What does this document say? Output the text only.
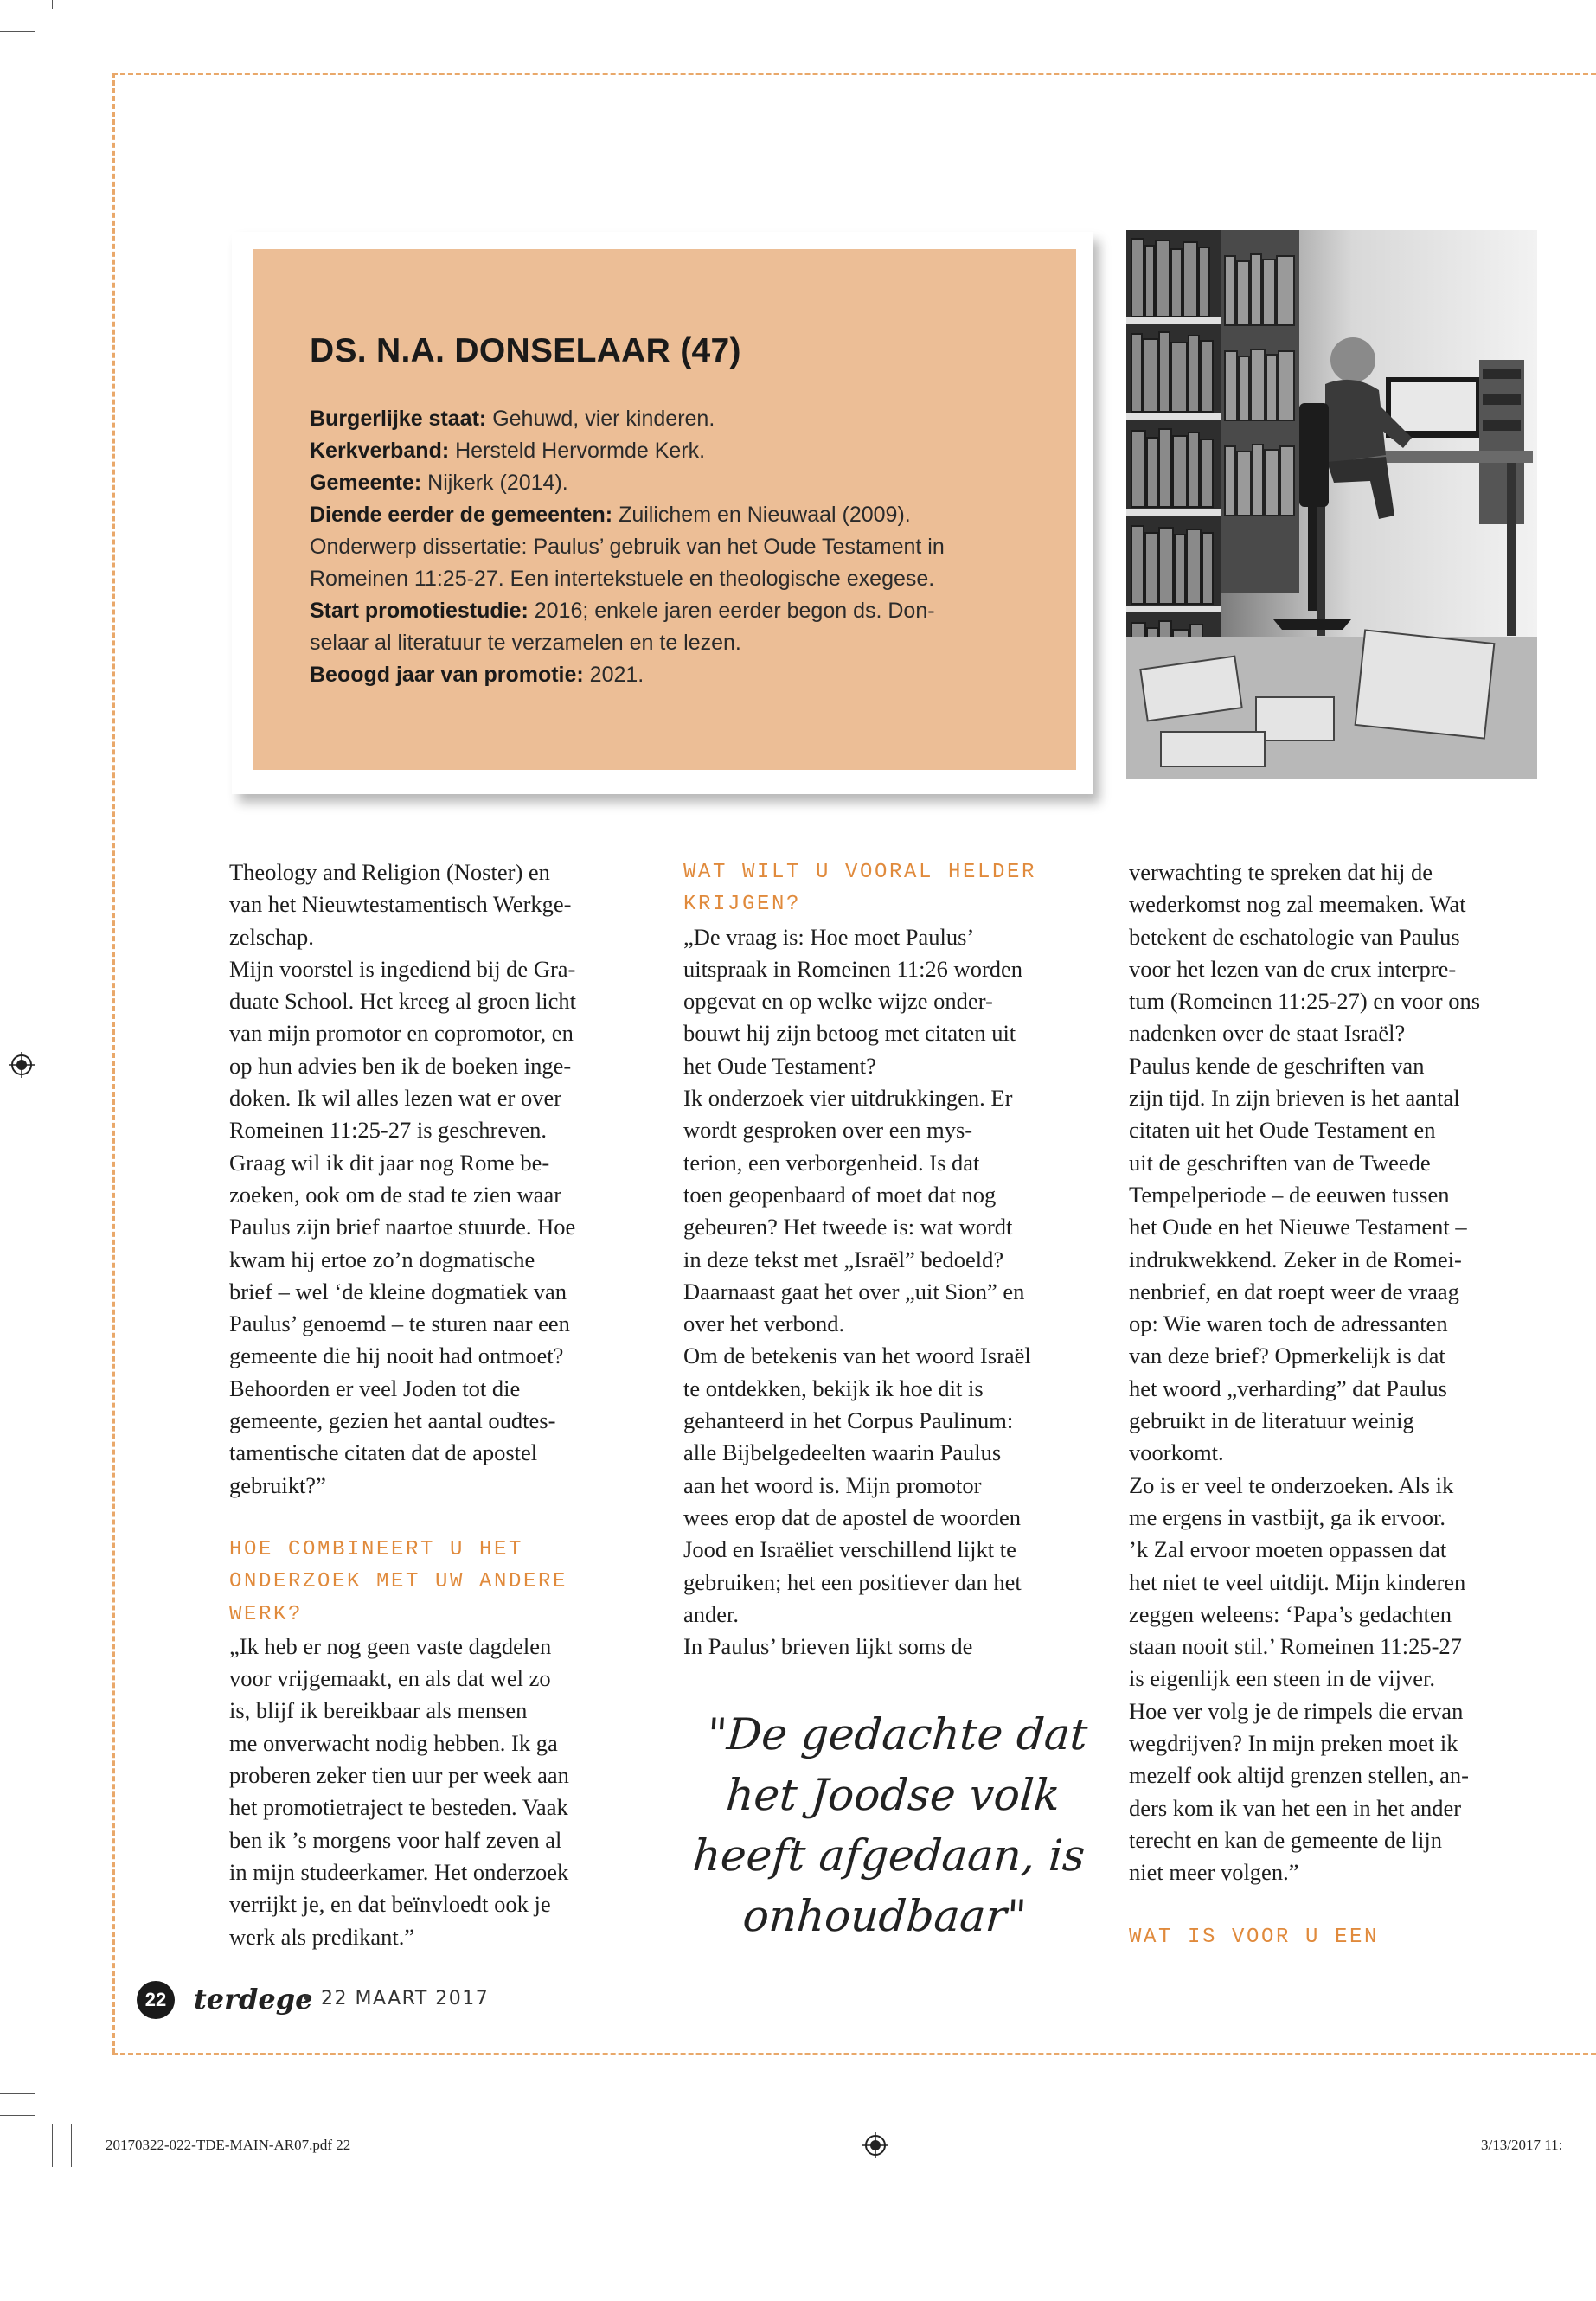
DS. N.A. DONSELAAR (47)
Burgerlijke staat: Gehuwd, vier kinderen.
Kerkverband: Hersteld Hervormde Kerk.
Gemeente: Nijkerk (2014).
Diende eerder de gemeenten: Zuilichem en Nieuwaal (2009).
Onderwerp dissertatie: Paulus’ gebruik van het Oude Testament in
Romeinen 11:25-27. Een intertekstuele en theologische exegese.
Start promotiestudie: 2016; enkele jaren eerder begon ds. Don-
selaar al literatuur te verzamelen en te lezen.
Beoogd jaar van promotie: 2021.

Theology and Religion (Noster) en

van het Nieuwtestamentisch Werkge-

zelschap.

Mijn voorstel is ingediend bij de Gra-

duate School. Het kreeg al groen licht

van mijn promotor en copromotor, en

op hun advies ben ik de boeken inge-

doken. Ik wil alles lezen wat er over

Romeinen 11:25-27 is geschreven.

Graag wil ik dit jaar nog Rome be-

zoeken, ook om de stad te zien waar

Paulus zijn brief naartoe stuurde. Hoe

kwam hij ertoe zo’n dogmatische

brief – wel ‘de kleine dogmatiek van

Paulus’ genoemd – te sturen naar een

gemeente die hij nooit had ontmoet?

Behoorden er veel Joden tot die

gemeente, gezien het aantal oudtes-

tamentische citaten dat de apostel

gebruikt?”

HOE COMBINEERT U HET

ONDERZOEK MET UW ANDERE

WERK?

„Ik heb er nog geen vaste dagdelen

voor vrijgemaakt, en als dat wel zo

is, blijf ik bereikbaar als mensen

me onverwacht nodig hebben. Ik ga

proberen zeker tien uur per week aan

het promotietraject te besteden. Vaak

ben ik ’s morgens voor half zeven al

in mijn studeerkamer. Het onderzoek

verrijkt je, en dat beïnvloedt ook je

werk als predikant.”

WAT WILT U VOORAL HELDER

KRIJGEN?

„De vraag is: Hoe moet Paulus’

uitspraak in Romeinen 11:26 worden

opgevat en op welke wijze onder-

bouwt hij zijn betoog met citaten uit

het Oude Testament?

Ik onderzoek vier uitdrukkingen. Er

wordt gesproken over een mys-

terion, een verborgenheid. Is dat

toen geopenbaard of moet dat nog

gebeuren? Het tweede is: wat wordt

in deze tekst met „Israël” bedoeld?

Daarnaast gaat het over „uit Sion” en

over het verbond.

Om de betekenis van het woord Israël

te ontdekken, bekijk ik hoe dit is

gehanteerd in het Corpus Paulinum:

alle Bijbelgedeelten waarin Paulus

aan het woord is. Mijn promotor

wees erop dat de apostel de woorden

Jood en Israëliet verschillend lijkt te

gebruiken; het een positiever dan het

ander.

In Paulus’ brieven lijkt soms de

"De gedachte dat

het Joodse volk

heeft afgedaan, is

onhoudbaar"

verwachting te spreken dat hij de

wederkomst nog zal meemaken. Wat

betekent de eschatologie van Paulus

voor het lezen van de crux interpre-

tum (Romeinen 11:25-27) en voor ons

nadenken over de staat Israël?

Paulus kende de geschriften van

zijn tijd. In zijn brieven is het aantal

citaten uit het Oude Testament en

uit de geschriften van de Tweede

Tempelperiode – de eeuwen tussen

het Oude en het Nieuwe Testament –

indrukwekkend. Zeker in de Romei-

nenbrief, en dat roept weer de vraag

op: Wie waren toch de adressanten

van deze brief? Opmerkelijk is dat

het woord „verharding” dat Paulus

gebruikt in de literatuur weinig

voorkomt.

Zo is er veel te onderzoeken. Als ik

me ergens in vastbijt, ga ik ervoor.

’k Zal ervoor moeten oppassen dat

het niet te veel uitdijt. Mijn kinderen

zeggen weleens: ‘Papa’s gedachten

staan nooit stil.’ Romeinen 11:25-27

is eigenlijk een steen in de vijver.

Hoe ver volg je de rimpels die ervan

wegdrijven? In mijn preken moet ik

mezelf ook altijd grenzen stellen, an-

ders kom ik van het een in het ander

terecht en kan de gemeente de lijn

niet meer volgen.”

WAT IS VOOR U EEN

22 terdege
• 22 MAART 2017
20170322-022-TDE-MAIN-AR07.pdf 22	3/13/2017 11:
